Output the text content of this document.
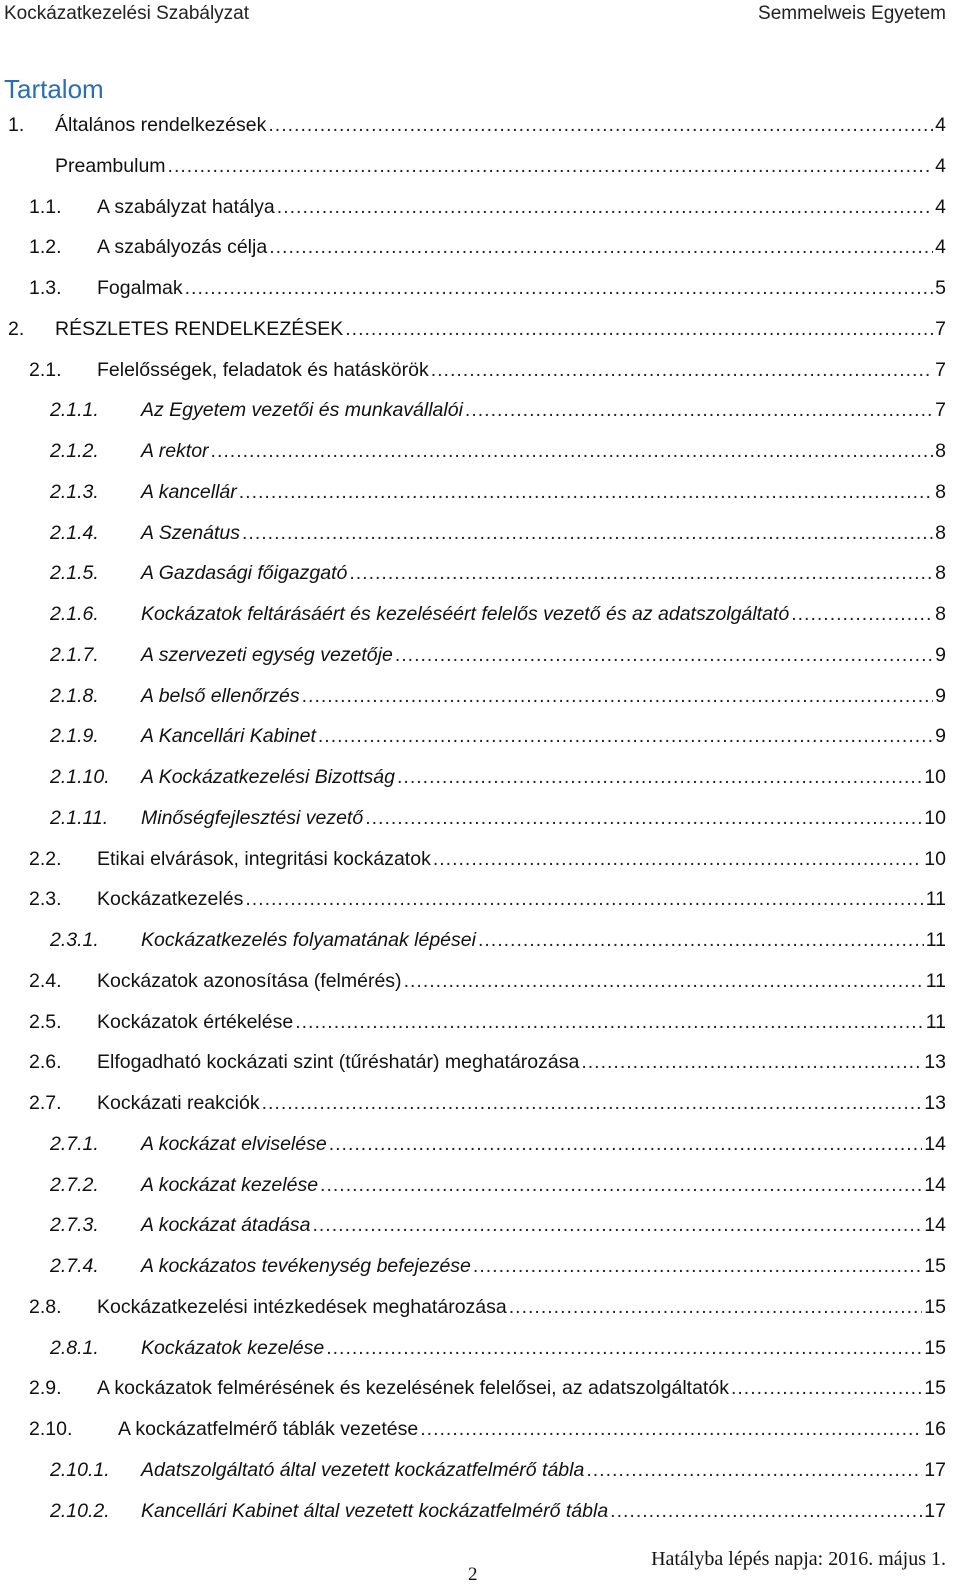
Kockázatkezelési Szabályzat	Semmelweis Egyetem
Tartalom
1. Általános rendelkezések .....	4
Preambulum .....	4
1.1. A szabályzat hatálya .....	4
1.2. A szabályozás célja .....	4
1.3. Fogalmak .....	5
2. RÉSZLETES RENDELKEZÉSEK .....	7
2.1. Felelősségek, feladatok és hatáskörök .....	7
2.1.1. Az Egyetem vezetői és munkavállalói .....	7
2.1.2. A rektor .....	8
2.1.3. A kancellár .....	8
2.1.4. A Szenátus .....	8
2.1.5. A Gazdasági főigazgató .....	8
2.1.6. Kockázatok feltárásáért és kezeléséért felelős vezető és az adatszolgáltató .....	8
2.1.7. A szervezeti egység vezetője .....	9
2.1.8. A belső ellenőrzés .....	9
2.1.9. A Kancellári Kabinet .....	9
2.1.10. A Kockázatkezelési Bizottság .....	10
2.1.11. Minőségfejlesztési vezető .....	10
2.2. Etikai elvárások, integritási kockázatok .....	10
2.3. Kockázatkezelés .....	11
2.3.1. Kockázatkezelés folyamatának lépései .....	11
2.4. Kockázatok azonosítása (felmérés) .....	11
2.5. Kockázatok értékelése .....	11
2.6. Elfogadható kockázati szint (tűréshatár) meghatározása .....	13
2.7. Kockázati reakciók .....	13
2.7.1. A kockázat elviselése .....	14
2.7.2. A kockázat kezelése .....	14
2.7.3. A kockázat átadása .....	14
2.7.4. A kockázatos tevékenység befejezése .....	15
2.8. Kockázatkezelési intézkedések meghatározása .....	15
2.8.1. Kockázatok kezelése .....	15
2.9. A kockázatok felmérésének és kezelésének felelősei, az adatszolgáltatók .....	15
2.10. A kockázatfelmérő táblák vezetése .....	16
2.10.1. Adatszolgáltató által vezetett kockázatfelmérő tábla .....	17
2.10.2. Kancellári Kabinet által vezetett kockázatfelmérő tábla .....	17
Hatályba lépés napja: 2016. május 1.
2
